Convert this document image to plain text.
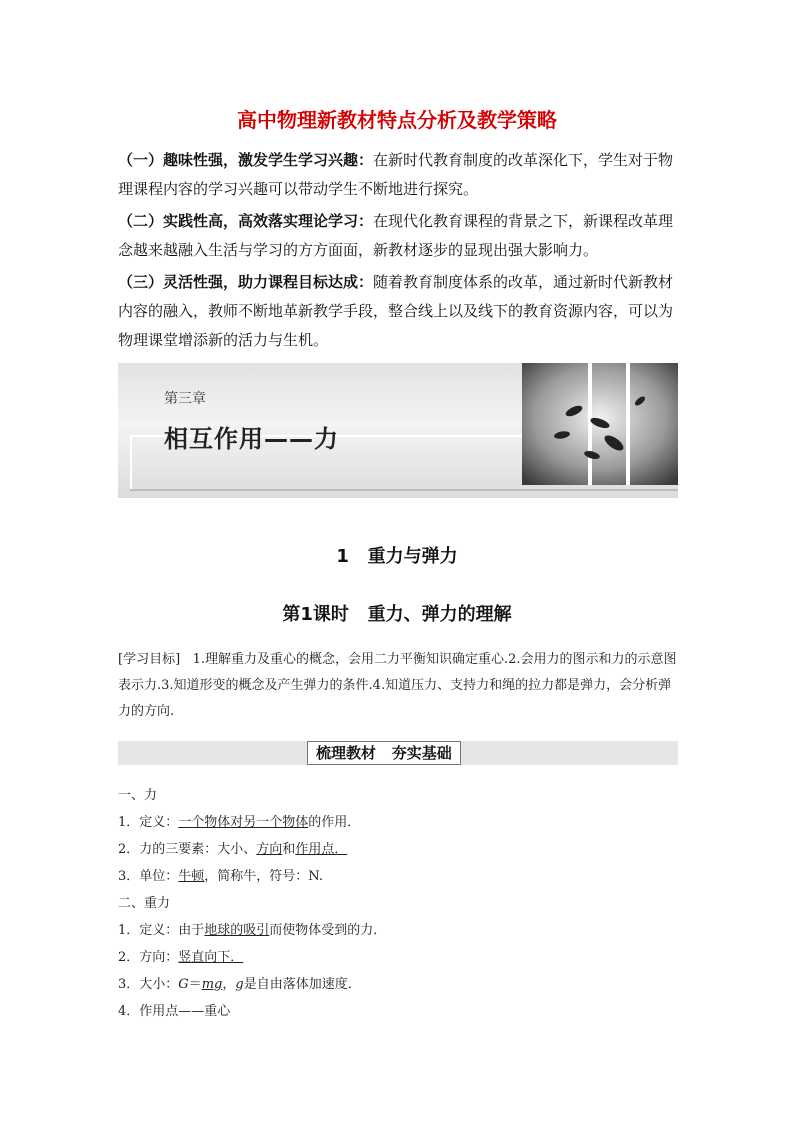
高中物理新教材特点分析及教学策略

（一）趣味性强，激发学生学习兴趣：在新时代教育制度的改革深化下，学生对于物理课程内容的学习兴趣可以带动学生不断地进行探究。

（二）实践性高，高效落实理论学习：在现代化教育课程的背景之下，新课程改革理念越来越融入生活与学习的方方面面，新教材逐步的显现出强大影响力。

（三）灵活性强，助力课程目标达成：随着教育制度体系的改革，通过新时代新教材内容的融入，教师不断地革新教学手段，整合线上以及线下的教育资源内容，可以为物理课堂增添新的活力与生机。

第三章
相互作用——力
1 重力与弹力
第1课时 重力、弹力的理解
[学习目标] 1.理解重力及重心的概念，会用二力平衡知识确定重心.2.会用力的图示和力的示意图表示力.3.知道形变的概念及产生弹力的条件.4.知道压力、支持力和绳的拉力都是弹力，会分析弹力的方向.
梳理教材 夯实基础
一、力
1．定义：一个物体对另一个物体的作用．
2．力的三要素：大小、方向和作用点．
3．单位：牛顿，简称牛，符号：N.
二、重力
1．定义：由于地球的吸引而使物体受到的力．
2．方向：竖直向下．
3．大小：G＝mg，g是自由落体加速度．
4．作用点——重心
